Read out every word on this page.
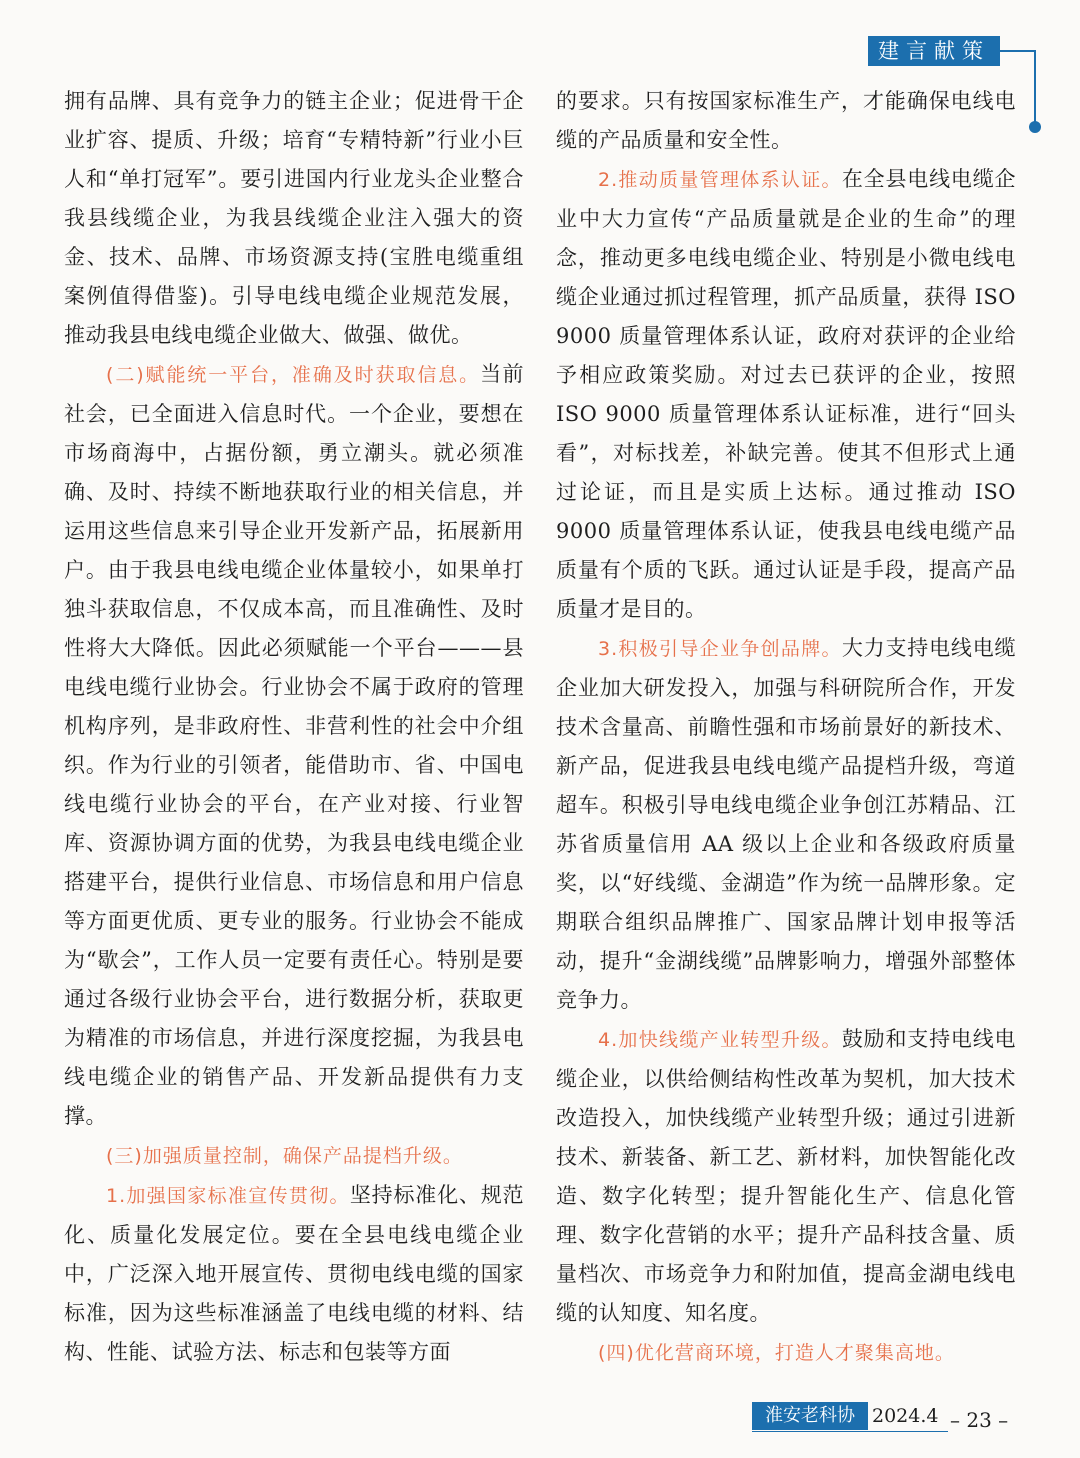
建言献策

拥有品牌、具有竞争力的链主企业；促进骨干企业扩容、提质、升级；培育“专精特新”行业小巨人和“单打冠军”。要引进国内行业龙头企业整合我县线缆企业，为我县线缆企业注入强大的资金、技术、品牌、市场资源支持(宝胜电缆重组案例值得借鉴)。引导电线电缆企业规范发展，推动我县电线电缆企业做大、做强、做优。

(二)赋能统一平台，准确及时获取信息。当前社会，已全面进入信息时代。一个企业，要想在市场商海中，占据份额，勇立潮头。就必须准确、及时、持续不断地获取行业的相关信息，并运用这些信息来引导企业开发新产品，拓展新用户。由于我县电线电缆企业体量较小，如果单打独斗获取信息，不仅成本高，而且准确性、及时性将大大降低。因此必须赋能一个平台———县电线电缆行业协会。行业协会不属于政府的管理机构序列，是非政府性、非营利性的社会中介组织。作为行业的引领者，能借助市、省、中国电线电缆行业协会的平台，在产业对接、行业智库、资源协调方面的优势，为我县电线电缆企业搭建平台，提供行业信息、市场信息和用户信息等方面更优质、更专业的服务。行业协会不能成为“歇会”，工作人员一定要有责任心。特别是要通过各级行业协会平台，进行数据分析，获取更为精准的市场信息，并进行深度挖掘，为我县电线电缆企业的销售产品、开发新品提供有力支撑。

(三)加强质量控制，确保产品提档升级。

1.加强国家标准宣传贯彻。坚持标准化、规范化、质量化发展定位。要在全县电线电缆企业中，广泛深入地开展宣传、贯彻电线电缆的国家标准，因为这些标准涵盖了电线电缆的材料、结构、性能、试验方法、标志和包装等方面

的要求。只有按国家标准生产，才能确保电线电缆的产品质量和安全性。

2.推动质量管理体系认证。在全县电线电缆企业中大力宣传“产品质量就是企业的生命”的理念，推动更多电线电缆企业、特别是小微电线电缆企业通过抓过程管理，抓产品质量，获得 ISO 9000 质量管理体系认证，政府对获评的企业给予相应政策奖励。对过去已获评的企业，按照 ISO 9000 质量管理体系认证标准，进行“回头看”，对标找差，补缺完善。使其不但形式上通过论证，而且是实质上达标。通过推动 ISO 9000 质量管理体系认证，使我县电线电缆产品质量有个质的飞跃。通过认证是手段，提高产品质量才是目的。

3.积极引导企业争创品牌。大力支持电线电缆企业加大研发投入，加强与科研院所合作，开发技术含量高、前瞻性强和市场前景好的新技术、新产品，促进我县电线电缆产品提档升级，弯道超车。积极引导电线电缆企业争创江苏精品、江苏省质量信用 AA 级以上企业和各级政府质量奖，以“好线缆、金湖造”作为统一品牌形象。定期联合组织品牌推广、国家品牌计划申报等活动，提升“金湖线缆”品牌影响力，增强外部整体竞争力。

4.加快线缆产业转型升级。鼓励和支持电线电缆企业，以供给侧结构性改革为契机，加大技术改造投入，加快线缆产业转型升级；通过引进新技术、新装备、新工艺、新材料，加快智能化改造、数字化转型；提升智能化生产、信息化管理、数字化营销的水平；提升产品科技含量、质量档次、市场竞争力和附加值，提高金湖电线电缆的认知度、知名度。

(四)优化营商环境，打造人才聚集高地。

淮安老科协 2024.4 – 23 –
